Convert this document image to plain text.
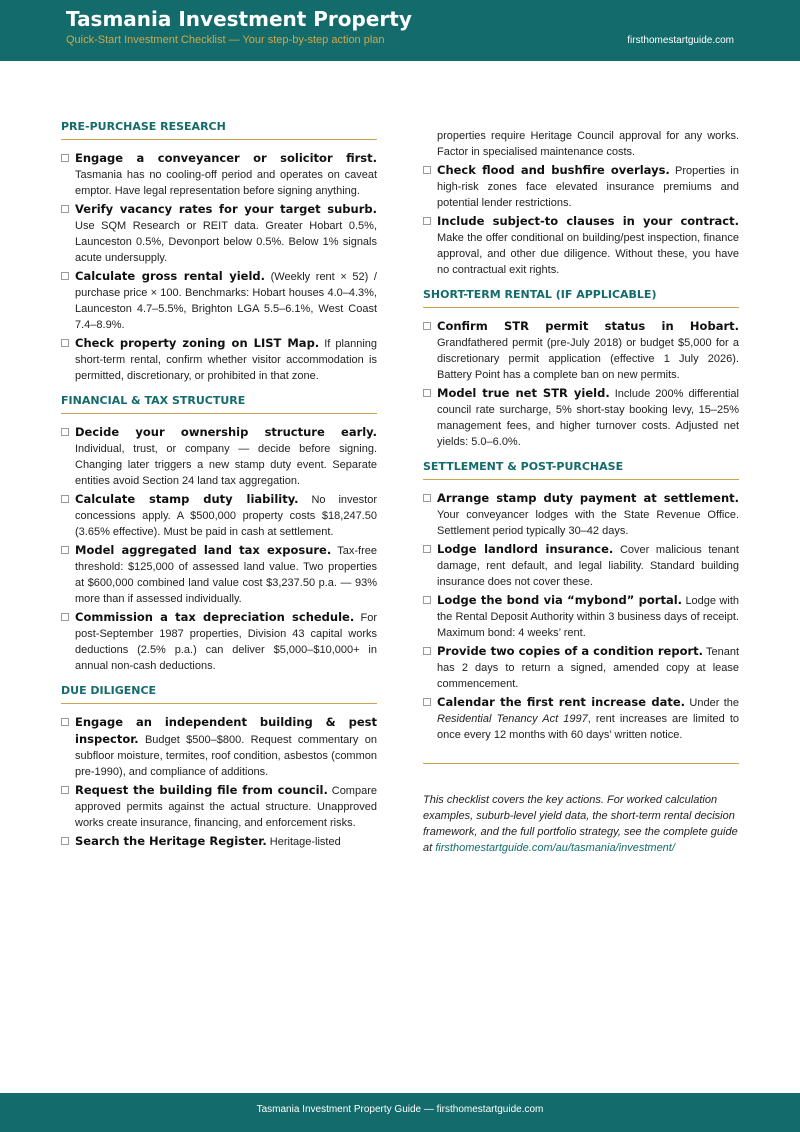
Tasmania Investment Property
Quick-Start Investment Checklist — Your step-by-step action plan	firsthomestartguide.com
PRE-PURCHASE RESEARCH
Engage a conveyancer or solicitor first. Tasmania has no cooling-off period and operates on caveat emptor. Have legal representation before signing anything.
Verify vacancy rates for your target suburb. Use SQM Research or REIT data. Greater Hobart 0.5%, Launceston 0.5%, Devonport below 0.5%. Below 1% signals acute undersupply.
Calculate gross rental yield. (Weekly rent × 52) / purchase price × 100. Benchmarks: Hobart houses 4.0–4.3%, Launceston 4.7–5.5%, Brighton LGA 5.5–6.1%, West Coast 7.4–8.9%.
Check property zoning on LIST Map. If planning short-term rental, confirm whether visitor accommodation is permitted, discretionary, or prohibited in that zone.
FINANCIAL & TAX STRUCTURE
Decide your ownership structure early. Individual, trust, or company — decide before signing. Changing later triggers a new stamp duty event. Separate entities avoid Section 24 land tax aggregation.
Calculate stamp duty liability. No investor concessions apply. A $500,000 property costs $18,247.50 (3.65% effective). Must be paid in cash at settlement.
Model aggregated land tax exposure. Tax-free threshold: $125,000 of assessed land value. Two properties at $600,000 combined land value cost $3,237.50 p.a. — 93% more than if assessed individually.
Commission a tax depreciation schedule. For post-September 1987 properties, Division 43 capital works deductions (2.5% p.a.) can deliver $5,000–$10,000+ in annual non-cash deductions.
DUE DILIGENCE
Engage an independent building & pest inspector. Budget $500–$800. Request commentary on subfloor moisture, termites, roof condition, asbestos (common pre-1990), and compliance of additions.
Request the building file from council. Compare approved permits against the actual structure. Unapproved works create insurance, financing, and enforcement risks.
Search the Heritage Register. Heritage-listed
properties require Heritage Council approval for any works. Factor in specialised maintenance costs.
Check flood and bushfire overlays. Properties in high-risk zones face elevated insurance premiums and potential lender restrictions.
Include subject-to clauses in your contract. Make the offer conditional on building/pest inspection, finance approval, and other due diligence. Without these, you have no contractual exit rights.
SHORT-TERM RENTAL (IF APPLICABLE)
Confirm STR permit status in Hobart. Grandfathered permit (pre-July 2018) or budget $5,000 for a discretionary permit application (effective 1 July 2026). Battery Point has a complete ban on new permits.
Model true net STR yield. Include 200% differential council rate surcharge, 5% short-stay booking levy, 15–25% management fees, and higher turnover costs. Adjusted net yields: 5.0–6.0%.
SETTLEMENT & POST-PURCHASE
Arrange stamp duty payment at settlement. Your conveyancer lodges with the State Revenue Office. Settlement period typically 30–42 days.
Lodge landlord insurance. Cover malicious tenant damage, rent default, and legal liability. Standard building insurance does not cover these.
Lodge the bond via “mybond” portal. Lodge with the Rental Deposit Authority within 3 business days of receipt. Maximum bond: 4 weeks’ rent.
Provide two copies of a condition report. Tenant has 2 days to return a signed, amended copy at lease commencement.
Calendar the first rent increase date. Under the Residential Tenancy Act 1997, rent increases are limited to once every 12 months with 60 days’ written notice.
This checklist covers the key actions. For worked calculation examples, suburb-level yield data, the short-term rental decision framework, and the full portfolio strategy, see the complete guide at firsthomestartguide.com/au/tasmania/investment/
Tasmania Investment Property Guide — firsthomestartguide.com
